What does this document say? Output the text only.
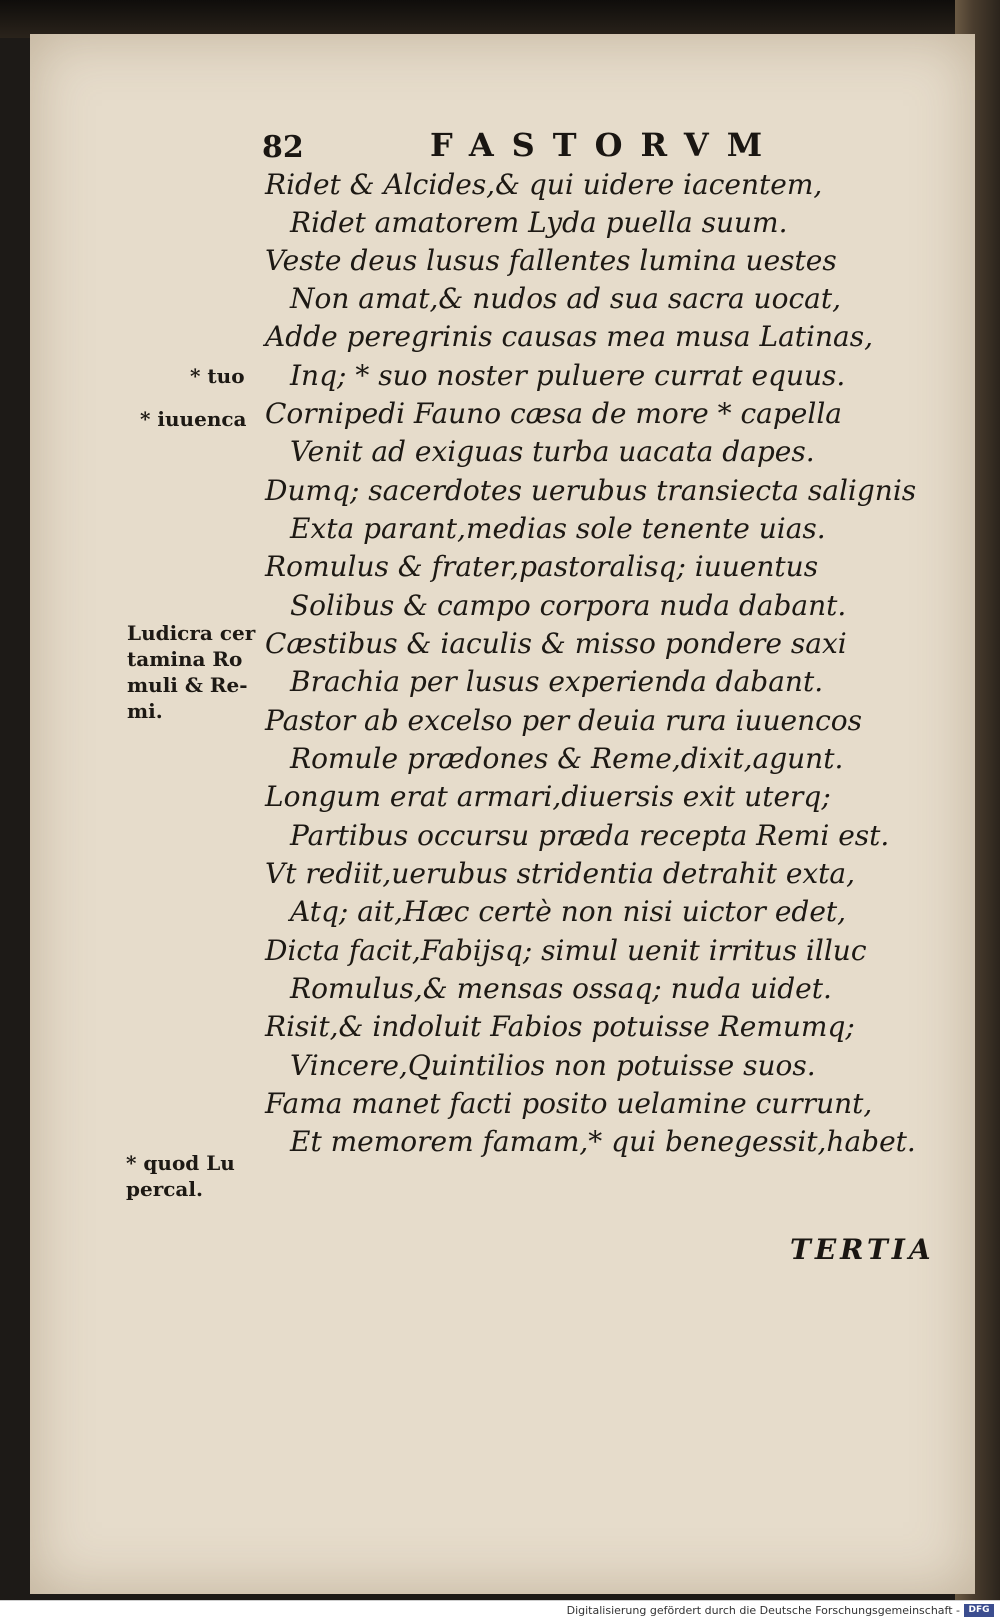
82	FASTORVM
Ridet & Alcides,& qui uidere iacentem,
Ridet amatorem Lyda puella suum.
Veste deus lusus fallentes lumina uestes
Non amat,& nudos ad sua sacra uocat,
Adde peregrinis causas mea musa Latinas,
Inq; * suo noster puluere currat equus.
Cornipedi Fauno cæsa de more * capella
Venit ad exiguas turba uacata dapes.
Dumq; sacerdotes uerubus transiecta salignis
Exta parant,medias sole tenente uias.
Romulus & frater,pastoralisq; iuuentus
Solibus & campo corpora nuda dabant.
Cæstibus & iaculis & misso pondere saxi
Brachia per lusus experienda dabant.
Pastor ab excelso per deuia rura iuuencos
Romule prædones & Reme,dixit,agunt.
Longum erat armari,diuersis exit uterq;
Partibus occursu præda recepta Remi est.
Vt rediit,uerubus stridentia detrahit exta,
Atq; ait,Hæc certè non nisi uictor edet,
Dicta facit,Fabijsq; simul uenit irritus illuc
Romulus,& mensas ossaq; nuda uidet.
Risit,& indoluit Fabios potuisse Remumq;
Vincere,Quintilios non potuisse suos.
Fama manet facti posito uelamine currunt,
Et memorem famam,* qui benegessit,habet.
* tuo
* iuuenca
Ludicra cer
tamina Ro
muli & Re-
mi.
* quod Lu
percal.
TERTIA
Digitalisierung gefördert durch die Deutsche Forschungsgemeinschaft - DFG
